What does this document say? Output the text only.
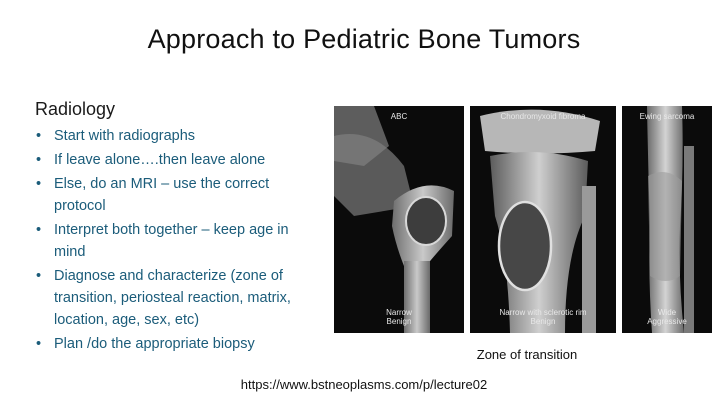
Approach to Pediatric Bone Tumors
Radiology
• Start with radiographs
• If leave alone….then leave alone
• Else, do an MRI – use the correct protocol
• Interpret both together – keep age in mind
• Diagnose and characterize (zone of transition, periosteal reaction, matrix, location, age, sex, etc)
• Plan /do the appropriate biopsy
ABC
Narrow
Benign
Chondromyxoid fibroma
Narrow with sclerotic rim
Benign
Ewing sarcoma
Wide
Aggressive
Zone of transition
https://www.bstneoplasms.com/p/lecture02
